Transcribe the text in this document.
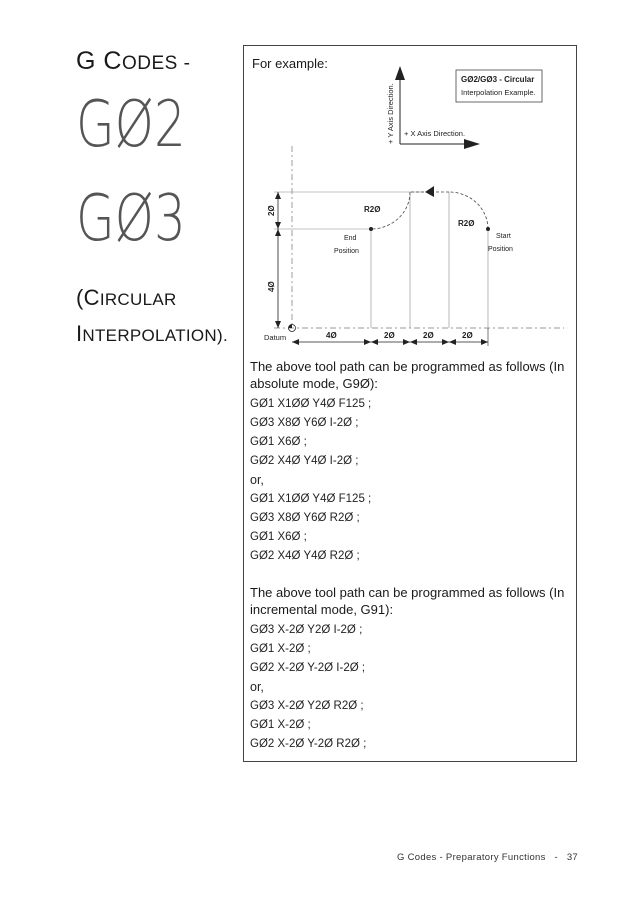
G CODES -
GØ2
GØ3
(CIRCULAR
INTERPOLATION).
For example:
GØ2/GØ3 - Circular
Interpolation Example.
+ Y Axis Direction. + X Axis Direction.
R2Ø
R2Ø
End
Position
Start
Position
2Ø
4Ø
Datum	4Ø	2Ø	2Ø	2Ø

The above tool path can be programmed as follows (In absolute mode, G9Ø):

GØ1 X1ØØ Y4Ø F125 ;
GØ3 X8Ø Y6Ø I-2Ø ;
GØ1 X6Ø ;
GØ2 X4Ø Y4Ø I-2Ø ;
or,
GØ1 X1ØØ Y4Ø F125 ;
GØ3 X8Ø Y6Ø R2Ø ;
GØ1 X6Ø ;
GØ2 X4Ø Y4Ø R2Ø ;

The above tool path can be programmed as follows (In incremental mode, G91):

GØ3 X-2Ø Y2Ø I-2Ø ;
GØ1 X-2Ø ;
GØ2 X-2Ø Y-2Ø I-2Ø ;
or,
GØ3 X-2Ø Y2Ø R2Ø ;
GØ1 X-2Ø ;
GØ2 X-2Ø Y-2Ø R2Ø ;
G Codes - Preparatory Functions - 37
